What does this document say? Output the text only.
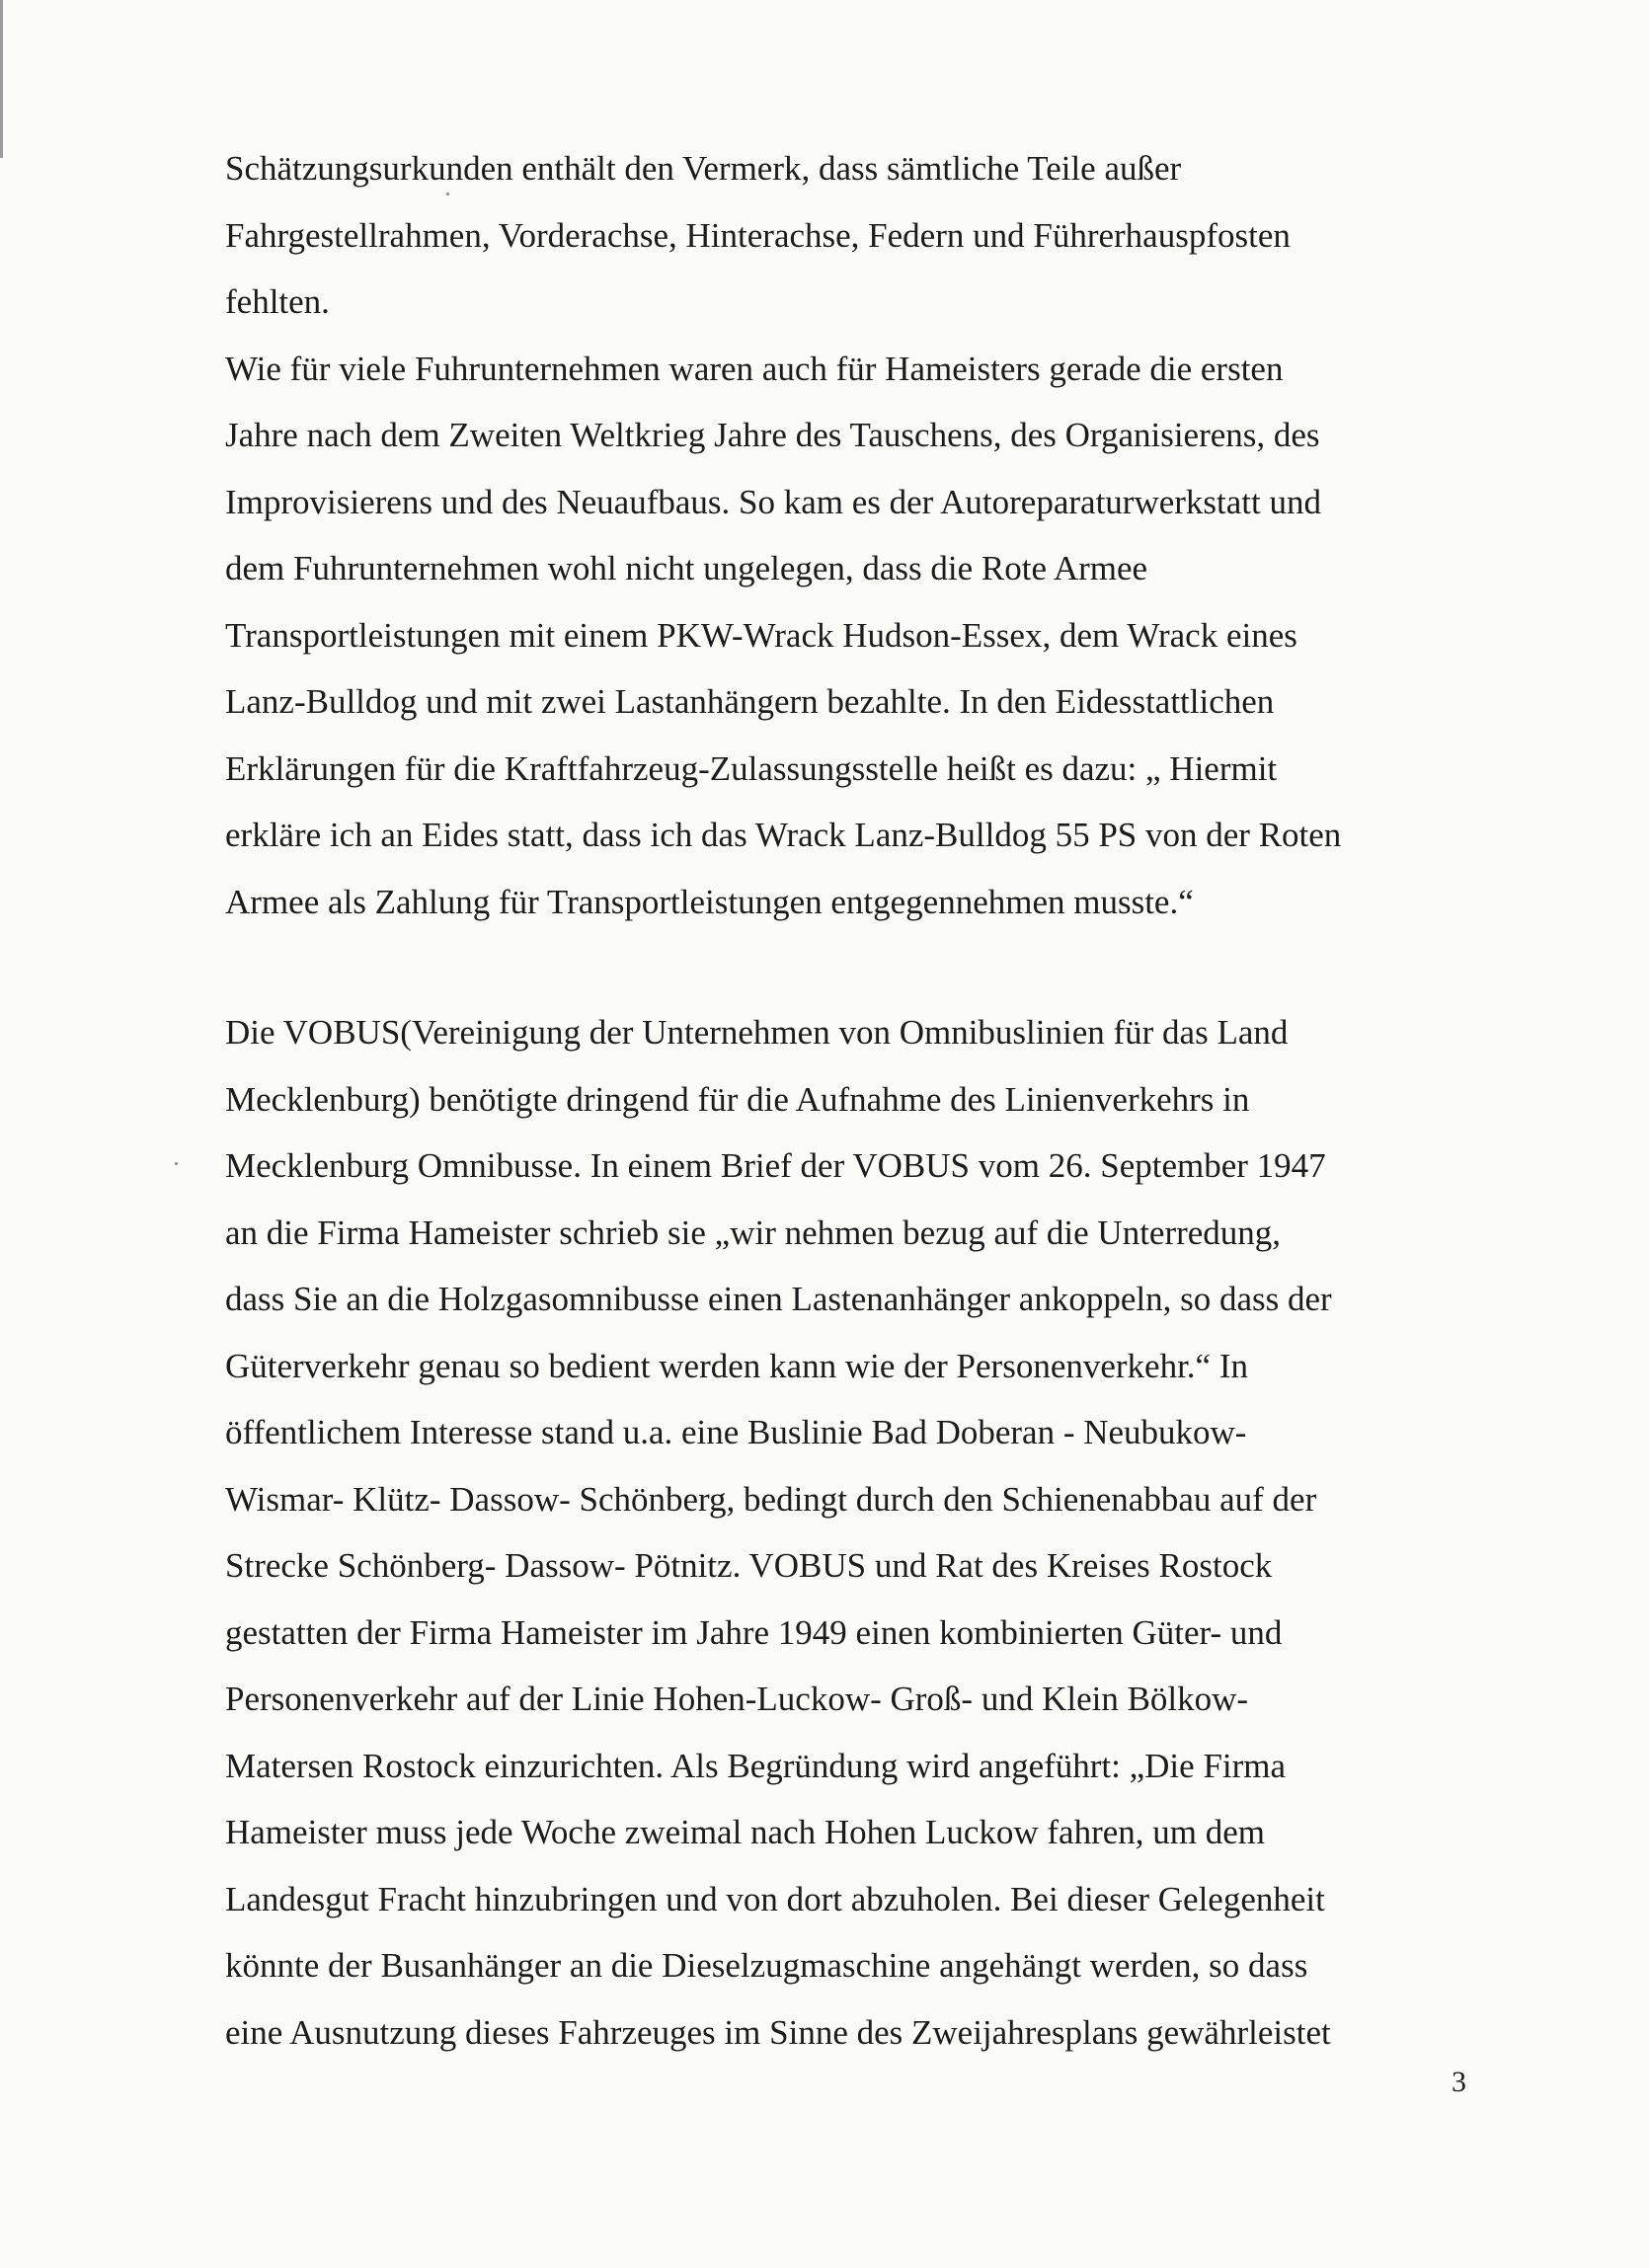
Schätzungsurkunden enthält den Vermerk, dass sämtliche Teile außer
Fahrgestellrahmen, Vorderachse, Hinterachse, Federn und Führerhauspfosten
fehlten.
Wie für viele Fuhrunternehmen waren auch für Hameisters gerade die ersten
Jahre nach dem Zweiten Weltkrieg Jahre des Tauschens, des Organisierens, des
Improvisierens und des Neuaufbaus. So kam es der Autoreparaturwerkstatt und
dem Fuhrunternehmen wohl nicht ungelegen, dass die Rote Armee
Transportleistungen mit einem PKW-Wrack Hudson-Essex, dem Wrack eines
Lanz-Bulldog und mit zwei Lastanhängern bezahlte. In den Eidesstattlichen
Erklärungen für die Kraftfahrzeug-Zulassungsstelle heißt es dazu: „ Hiermit
erkläre ich an Eides statt, dass ich das Wrack Lanz-Bulldog 55 PS von der Roten
Armee als Zahlung für Transportleistungen entgegennehmen musste.“
Die VOBUS(Vereinigung der Unternehmen von Omnibuslinien für das Land
Mecklenburg) benötigte dringend für die Aufnahme des Linienverkehrs in
Mecklenburg Omnibusse. In einem Brief der VOBUS vom 26. September 1947
an die Firma Hameister schrieb sie „wir nehmen bezug auf die Unterredung,
dass Sie an die Holzgasomnibusse einen Lastenanhänger ankoppeln, so dass der
Güterverkehr genau so bedient werden kann wie der Personenverkehr.“ In
öffentlichem Interesse stand u.a. eine Buslinie Bad Doberan - Neubukow-
Wismar- Klütz- Dassow- Schönberg, bedingt durch den Schienenabbau auf der
Strecke Schönberg- Dassow- Pötnitz. VOBUS und Rat des Kreises Rostock
gestatten der Firma Hameister im Jahre 1949 einen kombinierten Güter- und
Personenverkehr auf der Linie Hohen-Luckow- Groß- und Klein Bölkow-
Matersen Rostock einzurichten. Als Begründung wird angeführt: „Die Firma
Hameister muss jede Woche zweimal nach Hohen Luckow fahren, um dem
Landesgut Fracht hinzubringen und von dort abzuholen. Bei dieser Gelegenheit
könnte der Busanhänger an die Dieselzugmaschine angehängt werden, so dass
eine Ausnutzung dieses Fahrzeuges im Sinne des Zweijahresplans gewährleistet
3
